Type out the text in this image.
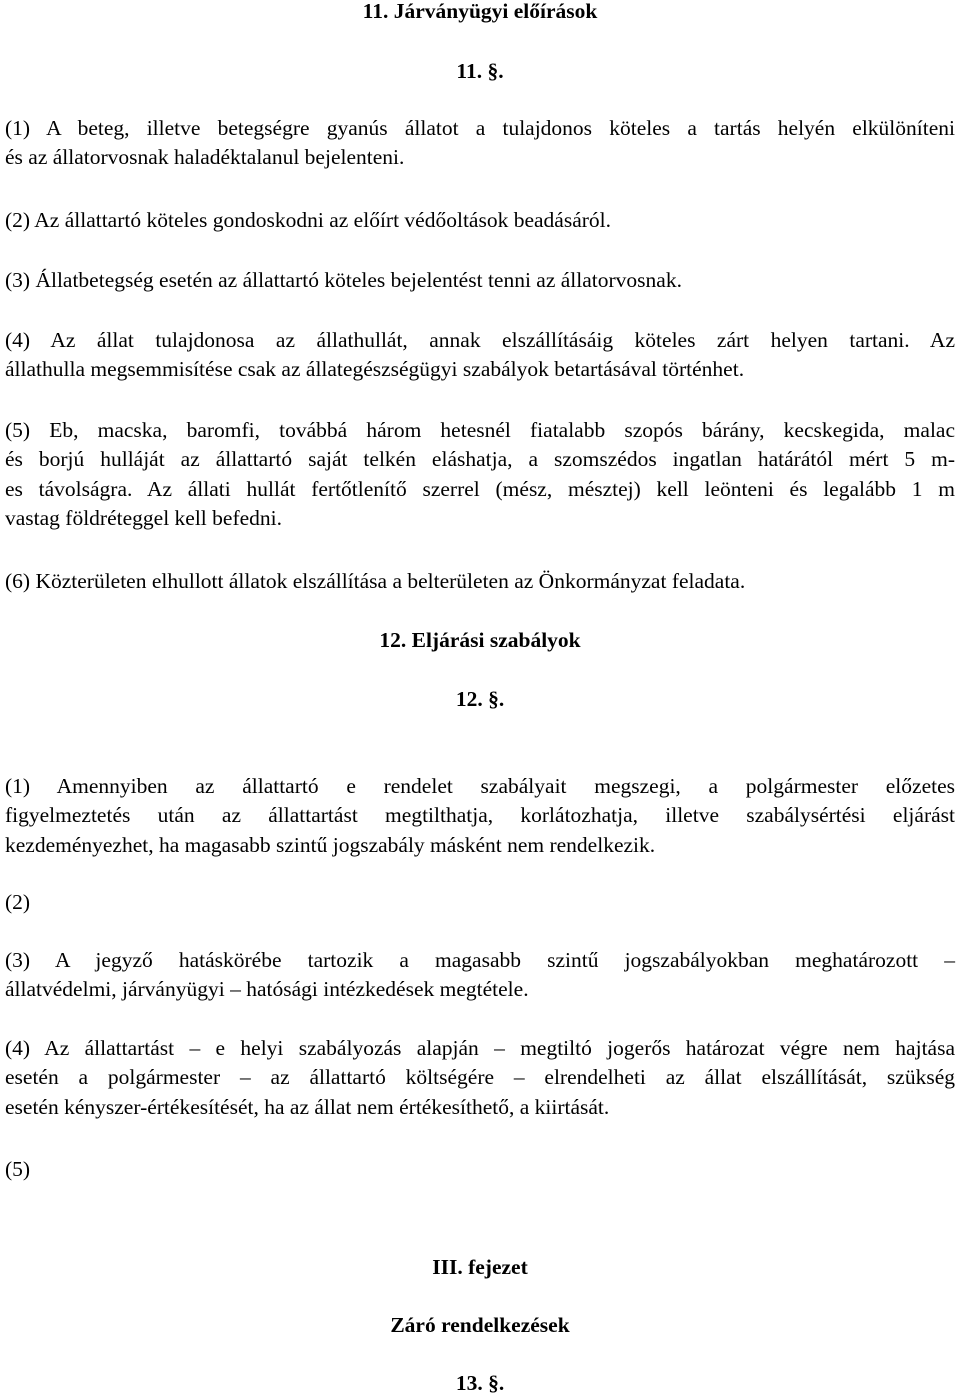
11. Járványügyi előírások

11. §.

(1) A beteg, illetve betegségre gyanús állatot a tulajdonos köteles a tartás helyén elkülöníteni
és az állatorvosnak haladéktalanul bejelenteni.
(2) Az állattartó köteles gondoskodni az előírt védőoltások beadásáról.
(3) Állatbetegség esetén az állattartó köteles bejelentést tenni az állatorvosnak.
(4) Az állat tulajdonosa az állathullát, annak elszállításáig köteles zárt helyen tartani. Az
állathulla megsemmisítése csak az állategészségügyi szabályok betartásával történhet.
(5) Eb, macska, baromfi, továbbá három hetesnél fiatalabb szopós bárány, kecskegida, malac
és borjú hulláját az állattartó saját telkén eláshatja, a szomszédos ingatlan határától mért 5 m-
es távolságra. Az állati hullát fertőtlenítő szerrel (mész, mésztej) kell leönteni és legalább 1 m
vastag földréteggel kell befedni.
(6) Közterületen elhullott állatok elszállítása a belterületen az Önkormányzat feladata.

12. Eljárási szabályok

12. §.

(1) Amennyiben az állattartó e rendelet szabályait megszegi, a polgármester előzetes
figyelmeztetés után az állattartást megtilthatja, korlátozhatja, illetve szabálysértési eljárást
kezdeményezhet, ha magasabb szintű jogszabály másként nem rendelkezik.
(2)
(3) A jegyző hatáskörébe tartozik a magasabb szintű jogszabályokban meghatározott –
állatvédelmi, járványügyi – hatósági intézkedések megtétele.
(4) Az állattartást – e helyi szabályozás alapján – megtiltó jogerős határozat végre nem hajtása
esetén a polgármester – az állattartó költségére – elrendelheti az állat elszállítását, szükség
esetén kényszer-értékesítését, ha az állat nem értékesíthető, a kiirtását.
(5)

III. fejezet

Záró rendelkezések

13. §.
